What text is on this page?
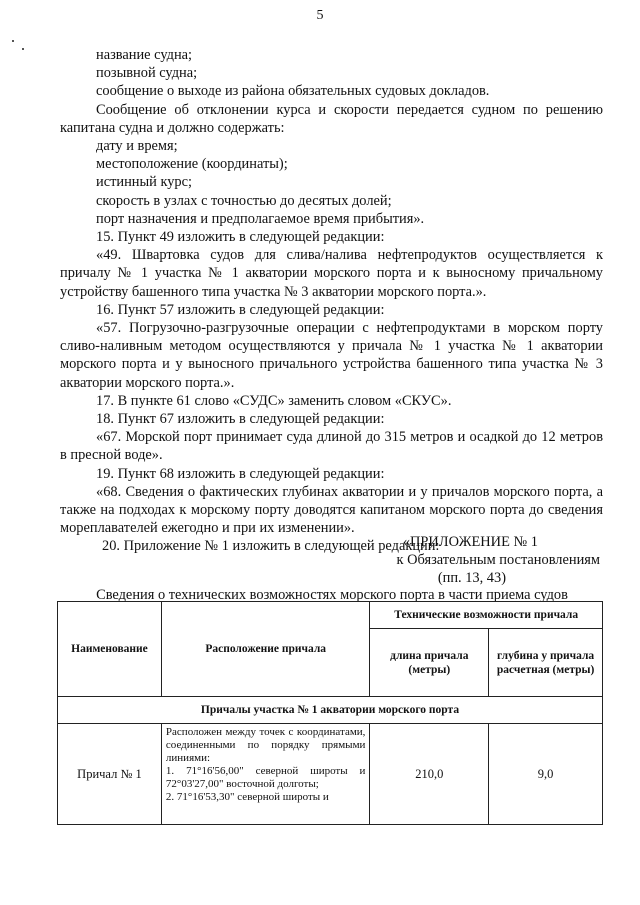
5

название судна;

позывной судна;

сообщение о выходе из района обязательных судовых докладов.

Сообщение об отклонении курса и скорости передается судном по решению капитана судна и должно содержать:

дату и время;

местоположение (координаты);

истинный курс;

скорость в узлах с точностью до десятых долей;

порт назначения и предполагаемое время прибытия».

15. Пункт 49 изложить в следующей редакции:

«49. Швартовка судов для слива/налива нефтепродуктов осуществляется к причалу № 1 участка № 1 акватории морского порта и к выносному причальному устройству башенного типа участка № 3 акватории морского порта.».

16. Пункт 57 изложить в следующей редакции:

«57. Погрузочно-разгрузочные операции с нефтепродуктами в морском порту сливо-наливным методом осуществляются у причала № 1 участка № 1 акватории морского порта и у выносного причального устройства башенного типа участка № 3 акватории морского порта.».

17. В пункте 61 слово «СУДС» заменить словом «СКУС».

18. Пункт 67 изложить в следующей редакции:

«67. Морской порт принимает суда длиной до 315 метров и осадкой до 12 метров в пресной воде».

19. Пункт 68 изложить в следующей редакции:

«68. Сведения о фактических глубинах акватории и у причалов морского порта, а также на подходах к морскому порту доводятся капитаном морского порта до сведения мореплавателей ежегодно и при их изменении».

20. Приложение № 1 изложить в следующей редакции:

«ПРИЛОЖЕНИЕ № 1
к Обязательным постановлениям
(пп. 13, 43)
Сведения о технических возможностях морского порта в части приема судов
Наименование	Расположение причала	Технические возможности причала	
		длина причала (метры)	глубина у причала расчетная (метры)
Причалы участка № 1 акватории морского порта			
Причал № 1	Расположен между точек с координатами, соединенными по порядку прямыми линиями:
1. 71°16'56,00" северной широты и 72°03'27,00" восточной долготы;
2. 71°16'53,30" северной широты и	210,0	9,0
